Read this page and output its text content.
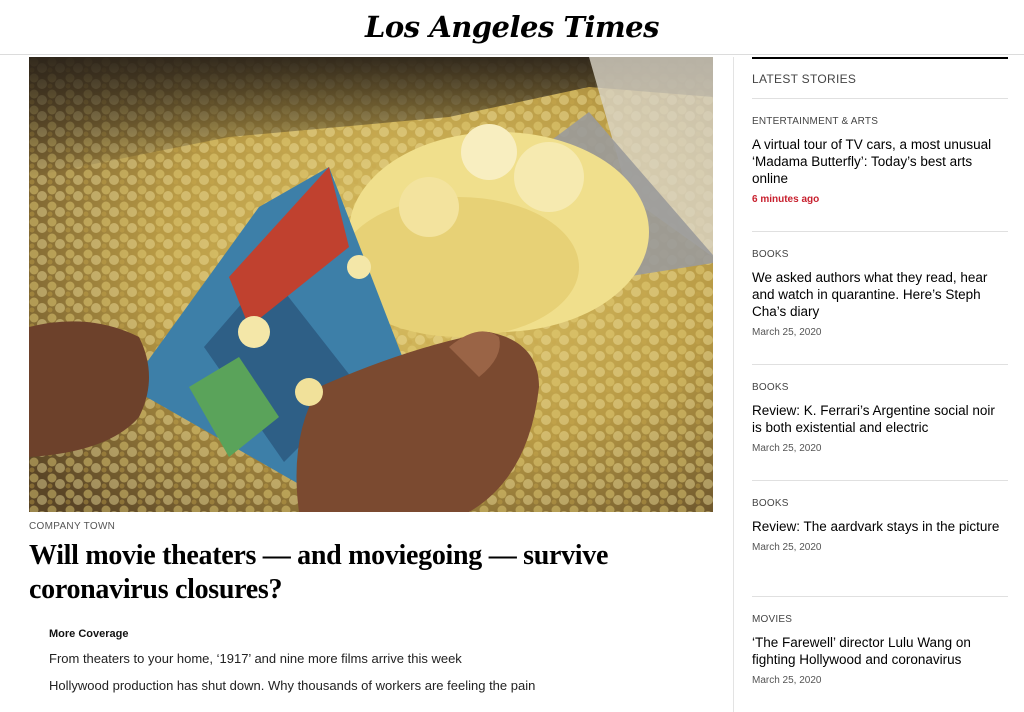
Los Angeles Times
COMPANY TOWN
Will movie theaters — and moviegoing — survive coronavirus closures?
More Coverage
From theaters to your home, ‘1917’ and nine more films arrive this week
Hollywood production has shut down. Why thousands of workers are feeling the pain
LATEST STORIES
ENTERTAINMENT & ARTS
A virtual tour of TV cars, a most unusual ‘Madama Butterfly’: Today’s best arts online
6 minutes ago
BOOKS
We asked authors what they read, hear and watch in quarantine. Here’s Steph Cha’s diary
March 25, 2020
BOOKS
Review: K. Ferrari’s Argentine social noir is both existential and electric
March 25, 2020
BOOKS
Review: The aardvark stays in the picture
March 25, 2020
MOVIES
‘The Farewell’ director Lulu Wang on fighting Hollywood and coronavirus
March 25, 2020
